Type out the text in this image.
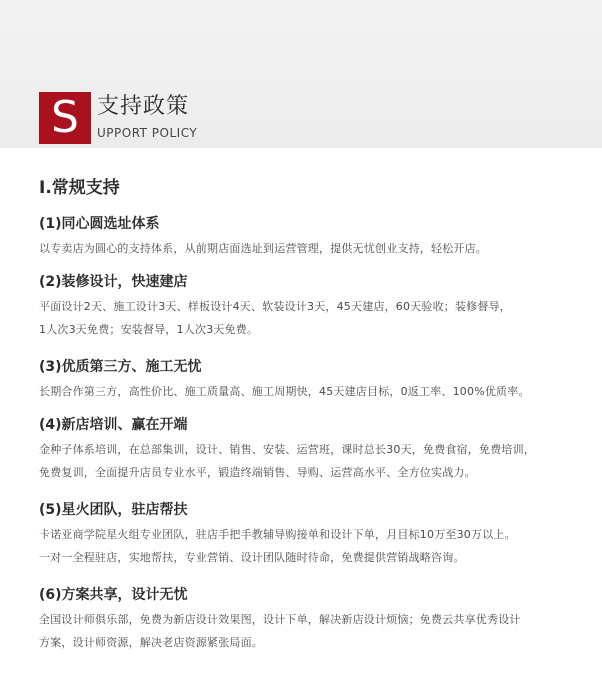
S 支持政策
UPPORT POLICY
I.常规支持
(1)同心圆选址体系
以专卖店为圆心的支持体系，从前期店面选址到运营管理，提供无忧创业支持，轻松开店。
(2)装修设计，快速建店
平面设计2天、施工设计3天、样板设计4天、软装设计3天，45天建店，60天验收；装修督导，
1人次3天免费；安装督导，1人次3天免费。
(3)优质第三方、施工无忧
长期合作第三方，高性价比、施工质量高、施工周期快，45天建店目标，0返工率、100%优质率。
(4)新店培训、赢在开端
金种子体系培训，在总部集训，设计、销售、安装、运营班，课时总长30天，免费食宿，免费培训，
免费复训，全面提升店员专业水平，锻造终端销售、导购、运营高水平、全方位实战力。
(5)星火团队，驻店帮扶
卡诺亚商学院星火组专业团队，驻店手把手教辅导购接单和设计下单，月目标10万至30万以上。
一对一全程驻店，实地帮扶，专业营销、设计团队随时待命，免费提供营销战略咨询。
(6)方案共享，设计无忧
全国设计师俱乐部，免费为新店设计效果图，设计下单，解决新店设计烦恼；免费云共享优秀设计
方案，设计师资源，解决老店资源紧张局面。
